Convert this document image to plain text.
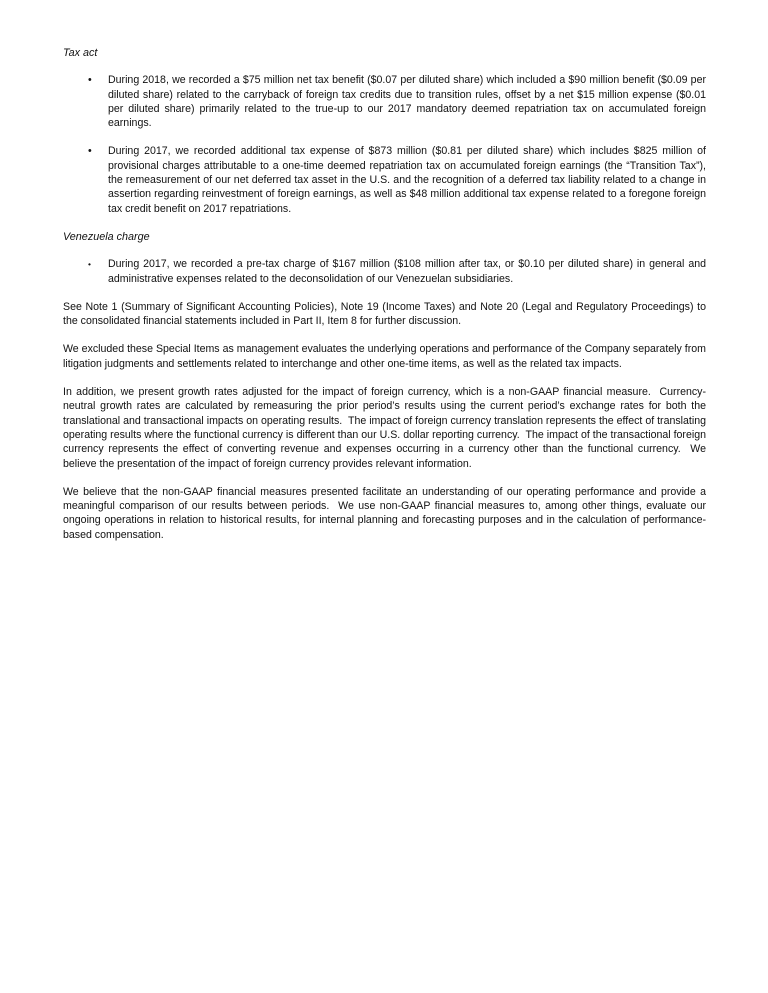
Tax act
•	During 2018, we recorded a $75 million net tax benefit ($0.07 per diluted share) which included a $90 million benefit ($0.09 per diluted share) related to the carryback of foreign tax credits due to transition rules, offset by a net $15 million expense ($0.01 per diluted share) primarily related to the true-up to our 2017 mandatory deemed repatriation tax on accumulated foreign earnings.

•	During 2017, we recorded additional tax expense of $873 million ($0.81 per diluted share) which includes $825 million of provisional charges attributable to a one-time deemed repatriation tax on accumulated foreign earnings (the “Transition Tax”), the remeasurement of our net deferred tax asset in the U.S. and the recognition of a deferred tax liability related to a change in assertion regarding reinvestment of foreign earnings, as well as $48 million additional tax expense related to a foregone foreign tax credit benefit on 2017 repatriations.

Venezuela charge
•	During 2017, we recorded a pre-tax charge of $167 million ($108 million after tax, or $0.10 per diluted share) in general and administrative expenses related to the deconsolidation of our Venezuelan subsidiaries.

See Note 1 (Summary of Significant Accounting Policies), Note 19 (Income Taxes) and Note 20 (Legal and Regulatory Proceedings) to the consolidated financial statements included in Part II, Item 8 for further discussion.

We excluded these Special Items as management evaluates the underlying operations and performance of the Company separately from litigation judgments and settlements related to interchange and other one-time items, as well as the related tax impacts.

In addition, we present growth rates adjusted for the impact of foreign currency, which is a non-GAAP financial measure.  Currency-neutral growth rates are calculated by remeasuring the prior period’s results using the current period’s exchange rates for both the translational and transactional impacts on operating results.  The impact of foreign currency translation represents the effect of translating operating results where the functional currency is different than our U.S. dollar reporting currency.  The impact of the transactional foreign currency represents the effect of converting revenue and expenses occurring in a currency other than the functional currency.  We believe the presentation of the impact of foreign currency provides relevant information.

We believe that the non-GAAP financial measures presented facilitate an understanding of our operating performance and provide a meaningful comparison of our results between periods.  We use non-GAAP financial measures to, among other things, evaluate our ongoing operations in relation to historical results, for internal planning and forecasting purposes and in the calculation of performance-based compensation.
